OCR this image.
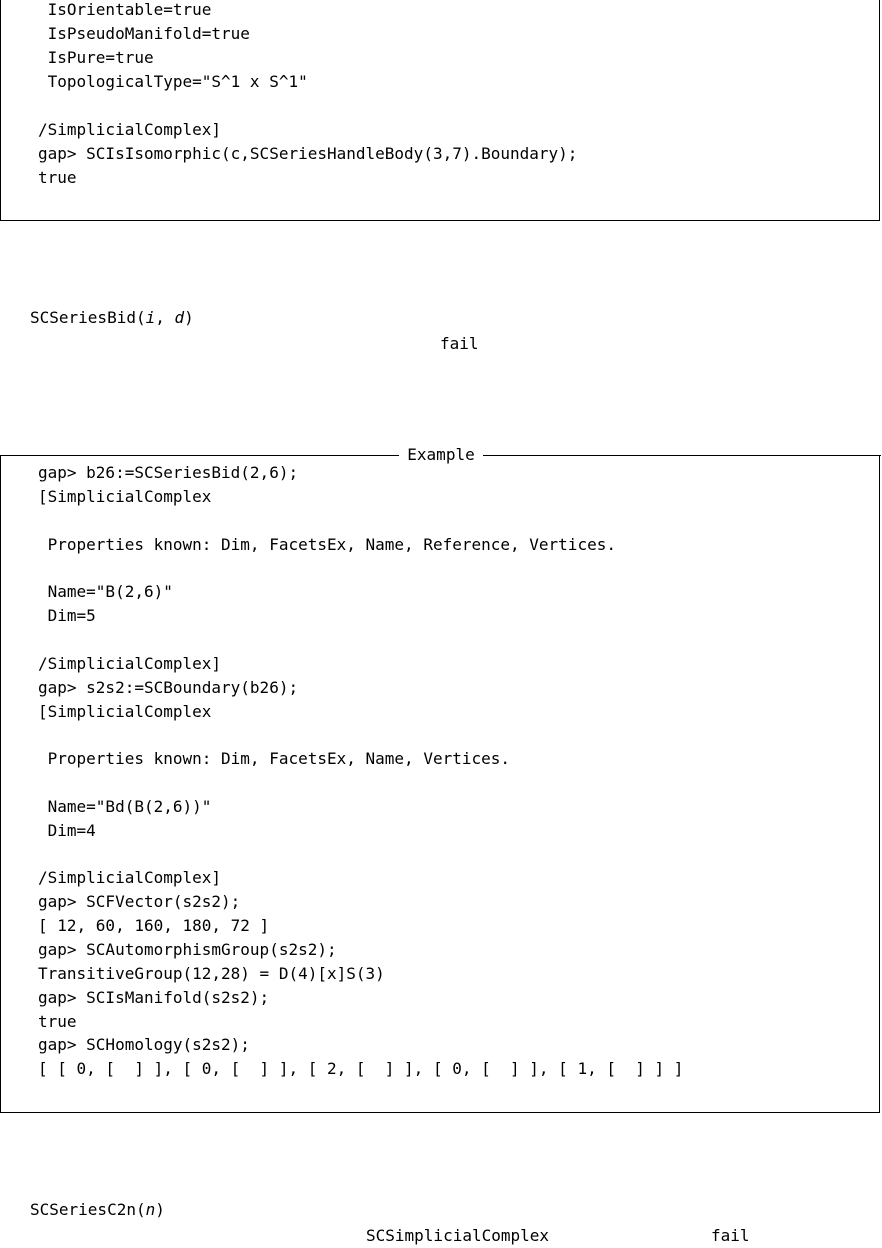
SCSeriesBid(i, d)
fail
Example
SCSeriesC2n(n)
SCSimplicialComplex	fail
IsOrientable=true
IsPseudoManifold=true
IsPure=true
TopologicalType="S^1 x S^1"
/SimplicialComplex]
gap> SCIsIsomorphic(c,SCSeriesHandleBody(3,7).Boundary);
true
gap> b26:=SCSeriesBid(2,6);
[SimplicialComplex
Properties known: Dim, FacetsEx, Name, Reference, Vertices.
Name="B(2,6)"
Dim=5
/SimplicialComplex]
gap> s2s2:=SCBoundary(b26);
[SimplicialComplex
Properties known: Dim, FacetsEx, Name, Vertices.
Name="Bd(B(2,6))"
Dim=4
/SimplicialComplex]
gap> SCFVector(s2s2);
[ 12, 60, 160, 180, 72 ]
gap> SCAutomorphismGroup(s2s2);
TransitiveGroup(12,28) = D(4)[x]S(3)
gap> SCIsManifold(s2s2);
true
gap> SCHomology(s2s2);
[ [ 0, [  ] ], [ 0, [  ] ], [ 2, [  ] ], [ 0, [  ] ], [ 1, [  ] ] ]
